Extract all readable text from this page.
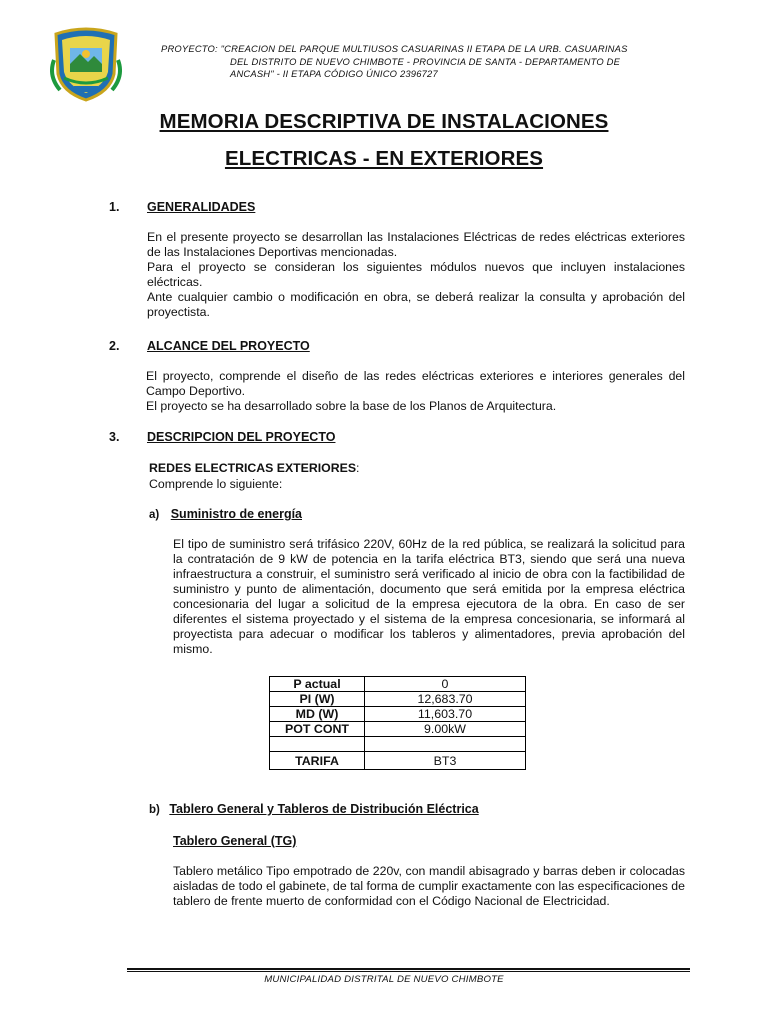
PROYECTO: "CREACION DEL PARQUE MULTIUSOS CASUARINAS II ETAPA DE LA URB. CASUARINAS
DEL DISTRITO DE NUEVO CHIMBOTE - PROVINCIA DE SANTA - DEPARTAMENTO DE
ANCASH" - II ETAPA CÓDIGO ÚNICO 2396727
MEMORIA DESCRIPTIVA DE INSTALACIONES
ELECTRICAS - EN EXTERIORES
1. GENERALIDADES

En el presente proyecto se desarrollan las Instalaciones Eléctricas de redes eléctricas exteriores de las Instalaciones Deportivas mencionadas.

Para el proyecto se consideran los siguientes módulos nuevos que incluyen instalaciones eléctricas.

Ante cualquier cambio o modificación en obra, se deberá realizar la consulta y aprobación del proyectista.

2. ALCANCE DEL PROYECTO

El proyecto, comprende el diseño de las redes eléctricas exteriores e interiores generales del Campo Deportivo.

El proyecto se ha desarrollado sobre la base de los Planos de Arquitectura.

3. DESCRIPCION DEL PROYECTO
REDES ELECTRICAS EXTERIORES:
Comprende lo siguiente:
a) Suministro de energía

El tipo de suministro será trifásico 220V, 60Hz de la red pública, se realizará la solicitud para la contratación de 9 kW de potencia en la tarifa eléctrica BT3, siendo que será una nueva infraestructura a construir, el suministro será verificado al inicio de obra con la factibilidad de suministro y punto de alimentación, documento que será emitida por la empresa eléctrica concesionaria del lugar a solicitud de la empresa ejecutora de la obra. En caso de ser diferentes el sistema proyectado y el sistema de la empresa concesionaria, se informará al proyectista para adecuar o modificar los tableros y alimentadores, previa aprobación del mismo.

P actual	0
PI (W)	12,683.70
MD (W)	11,603.70
POT CONT	9.00kW

TARIFA	BT3
b) Tablero General y Tableros de Distribución Eléctrica
Tablero General (TG)

Tablero metálico Tipo empotrado de 220v, con mandil abisagrado y barras deben ir colocadas aisladas de todo el gabinete, de tal forma de cumplir exactamente con las especificaciones de tablero de frente muerto de conformidad con el Código Nacional de Electricidad.

MUNICIPALIDAD DISTRITAL DE NUEVO CHIMBOTE
